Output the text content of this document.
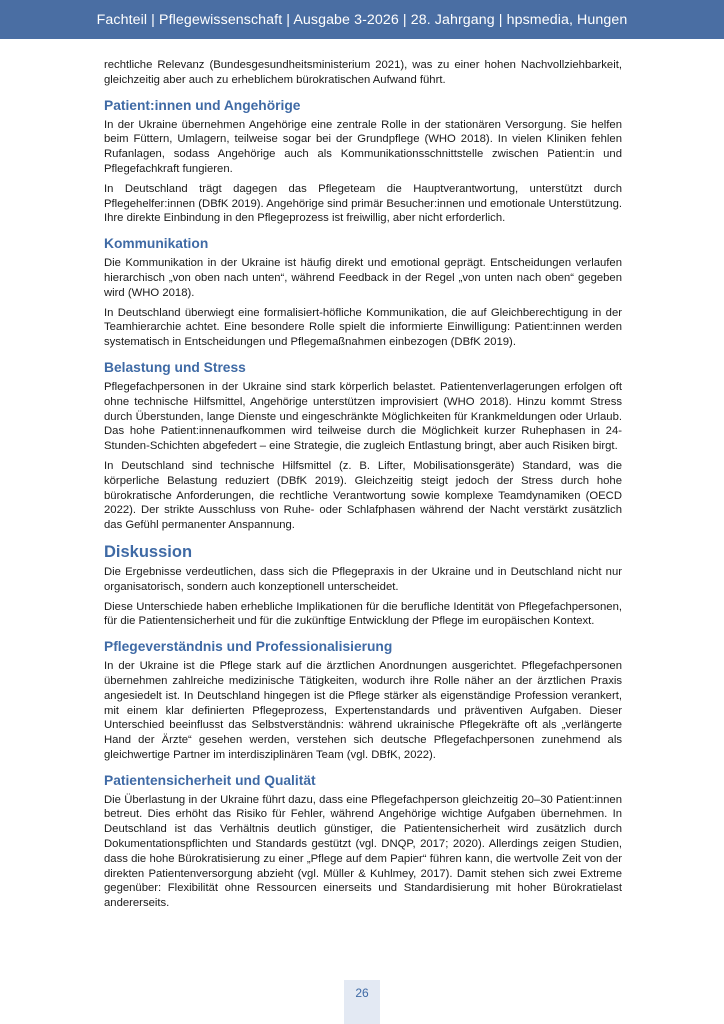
Fachteil | Pflegewissenschaft | Ausgabe 3-2026 | 28. Jahrgang | hpsmedia, Hungen

rechtliche Relevanz (Bundesgesundheitsministerium 2021), was zu einer hohen Nachvollziehbarkeit, gleichzeitig aber auch zu erheblichem bürokratischen Aufwand führt.

Patient:innen und Angehörige

In der Ukraine übernehmen Angehörige eine zentrale Rolle in der stationären Versorgung. Sie helfen beim Füttern, Umlagern, teilweise sogar bei der Grundpflege (WHO 2018). In vielen Kliniken fehlen Rufanlagen, sodass Angehörige auch als Kommunikationsschnittstelle zwischen Patient:in und Pflegefachkraft fungieren.

In Deutschland trägt dagegen das Pflegeteam die Hauptverantwortung, unterstützt durch Pflegehelfer:innen (DBfK 2019). Angehörige sind primär Besucher:innen und emotionale Unterstützung. Ihre direkte Einbindung in den Pflegeprozess ist freiwillig, aber nicht erforderlich.

Kommunikation

Die Kommunikation in der Ukraine ist häufig direkt und emotional geprägt. Entscheidungen verlaufen hierarchisch „von oben nach unten“, während Feedback in der Regel „von unten nach oben“ gegeben wird (WHO 2018).

In Deutschland überwiegt eine formalisiert-höfliche Kommunikation, die auf Gleichberechtigung in der Teamhierarchie achtet. Eine besondere Rolle spielt die informierte Einwilligung: Patient:innen werden systematisch in Entscheidungen und Pflegemaßnahmen einbezogen (DBfK 2019).

Belastung und Stress

Pflegefachpersonen in der Ukraine sind stark körperlich belastet. Patientenverlagerungen erfolgen oft ohne technische Hilfsmittel, Angehörige unterstützen improvisiert (WHO 2018). Hinzu kommt Stress durch Überstunden, lange Dienste und eingeschränkte Möglichkeiten für Krankmeldungen oder Urlaub. Das hohe Patient:innenaufkommen wird teilweise durch die Möglichkeit kurzer Ruhephasen in 24-Stunden-Schichten abgefedert – eine Strategie, die zugleich Entlastung bringt, aber auch Risiken birgt.

In Deutschland sind technische Hilfsmittel (z. B. Lifter, Mobilisationsgeräte) Standard, was die körperliche Belastung reduziert (DBfK 2019). Gleichzeitig steigt jedoch der Stress durch hohe bürokratische Anforderungen, die rechtliche Verantwortung sowie komplexe Teamdynamiken (OECD 2022). Der strikte Ausschluss von Ruhe- oder Schlafphasen während der Nacht verstärkt zusätzlich das Gefühl permanenter Anspannung.

Diskussion

Die Ergebnisse verdeutlichen, dass sich die Pflegepraxis in der Ukraine und in Deutschland nicht nur organisatorisch, sondern auch konzeptionell unterscheidet.

Diese Unterschiede haben erhebliche Implikationen für die berufliche Identität von Pflegefachpersonen, für die Patientensicherheit und für die zukünftige Entwicklung der Pflege im europäischen Kontext.

Pflegeverständnis und Professionalisierung

In der Ukraine ist die Pflege stark auf die ärztlichen Anordnungen ausgerichtet. Pflegefachpersonen übernehmen zahlreiche medizinische Tätigkeiten, wodurch ihre Rolle näher an der ärztlichen Praxis angesiedelt ist. In Deutschland hingegen ist die Pflege stärker als eigenständige Profession verankert, mit einem klar definierten Pflegeprozess, Expertenstandards und präventiven Aufgaben. Dieser Unterschied beeinflusst das Selbstverständnis: während ukrainische Pflegekräfte oft als „verlängerte Hand der Ärzte“ gesehen werden, verstehen sich deutsche Pflegefachpersonen zunehmend als gleichwertige Partner im interdisziplinären Team (vgl. DBfK, 2022).

Patientensicherheit und Qualität

Die Überlastung in der Ukraine führt dazu, dass eine Pflegefachperson gleichzeitig 20–30 Patient:innen betreut. Dies erhöht das Risiko für Fehler, während Angehörige wichtige Aufgaben übernehmen. In Deutschland ist das Verhältnis deutlich günstiger, die Patientensicherheit wird zusätzlich durch Dokumentationspflichten und Standards gestützt (vgl. DNQP, 2017; 2020). Allerdings zeigen Studien, dass die hohe Bürokratisierung zu einer „Pflege auf dem Papier“ führen kann, die wertvolle Zeit von der direkten Patientenversorgung abzieht (vgl. Müller & Kuhlmey, 2017). Damit stehen sich zwei Extreme gegenüber: Flexibilität ohne Ressourcen einerseits und Standardisierung mit hoher Bürokratielast andererseits.

26
